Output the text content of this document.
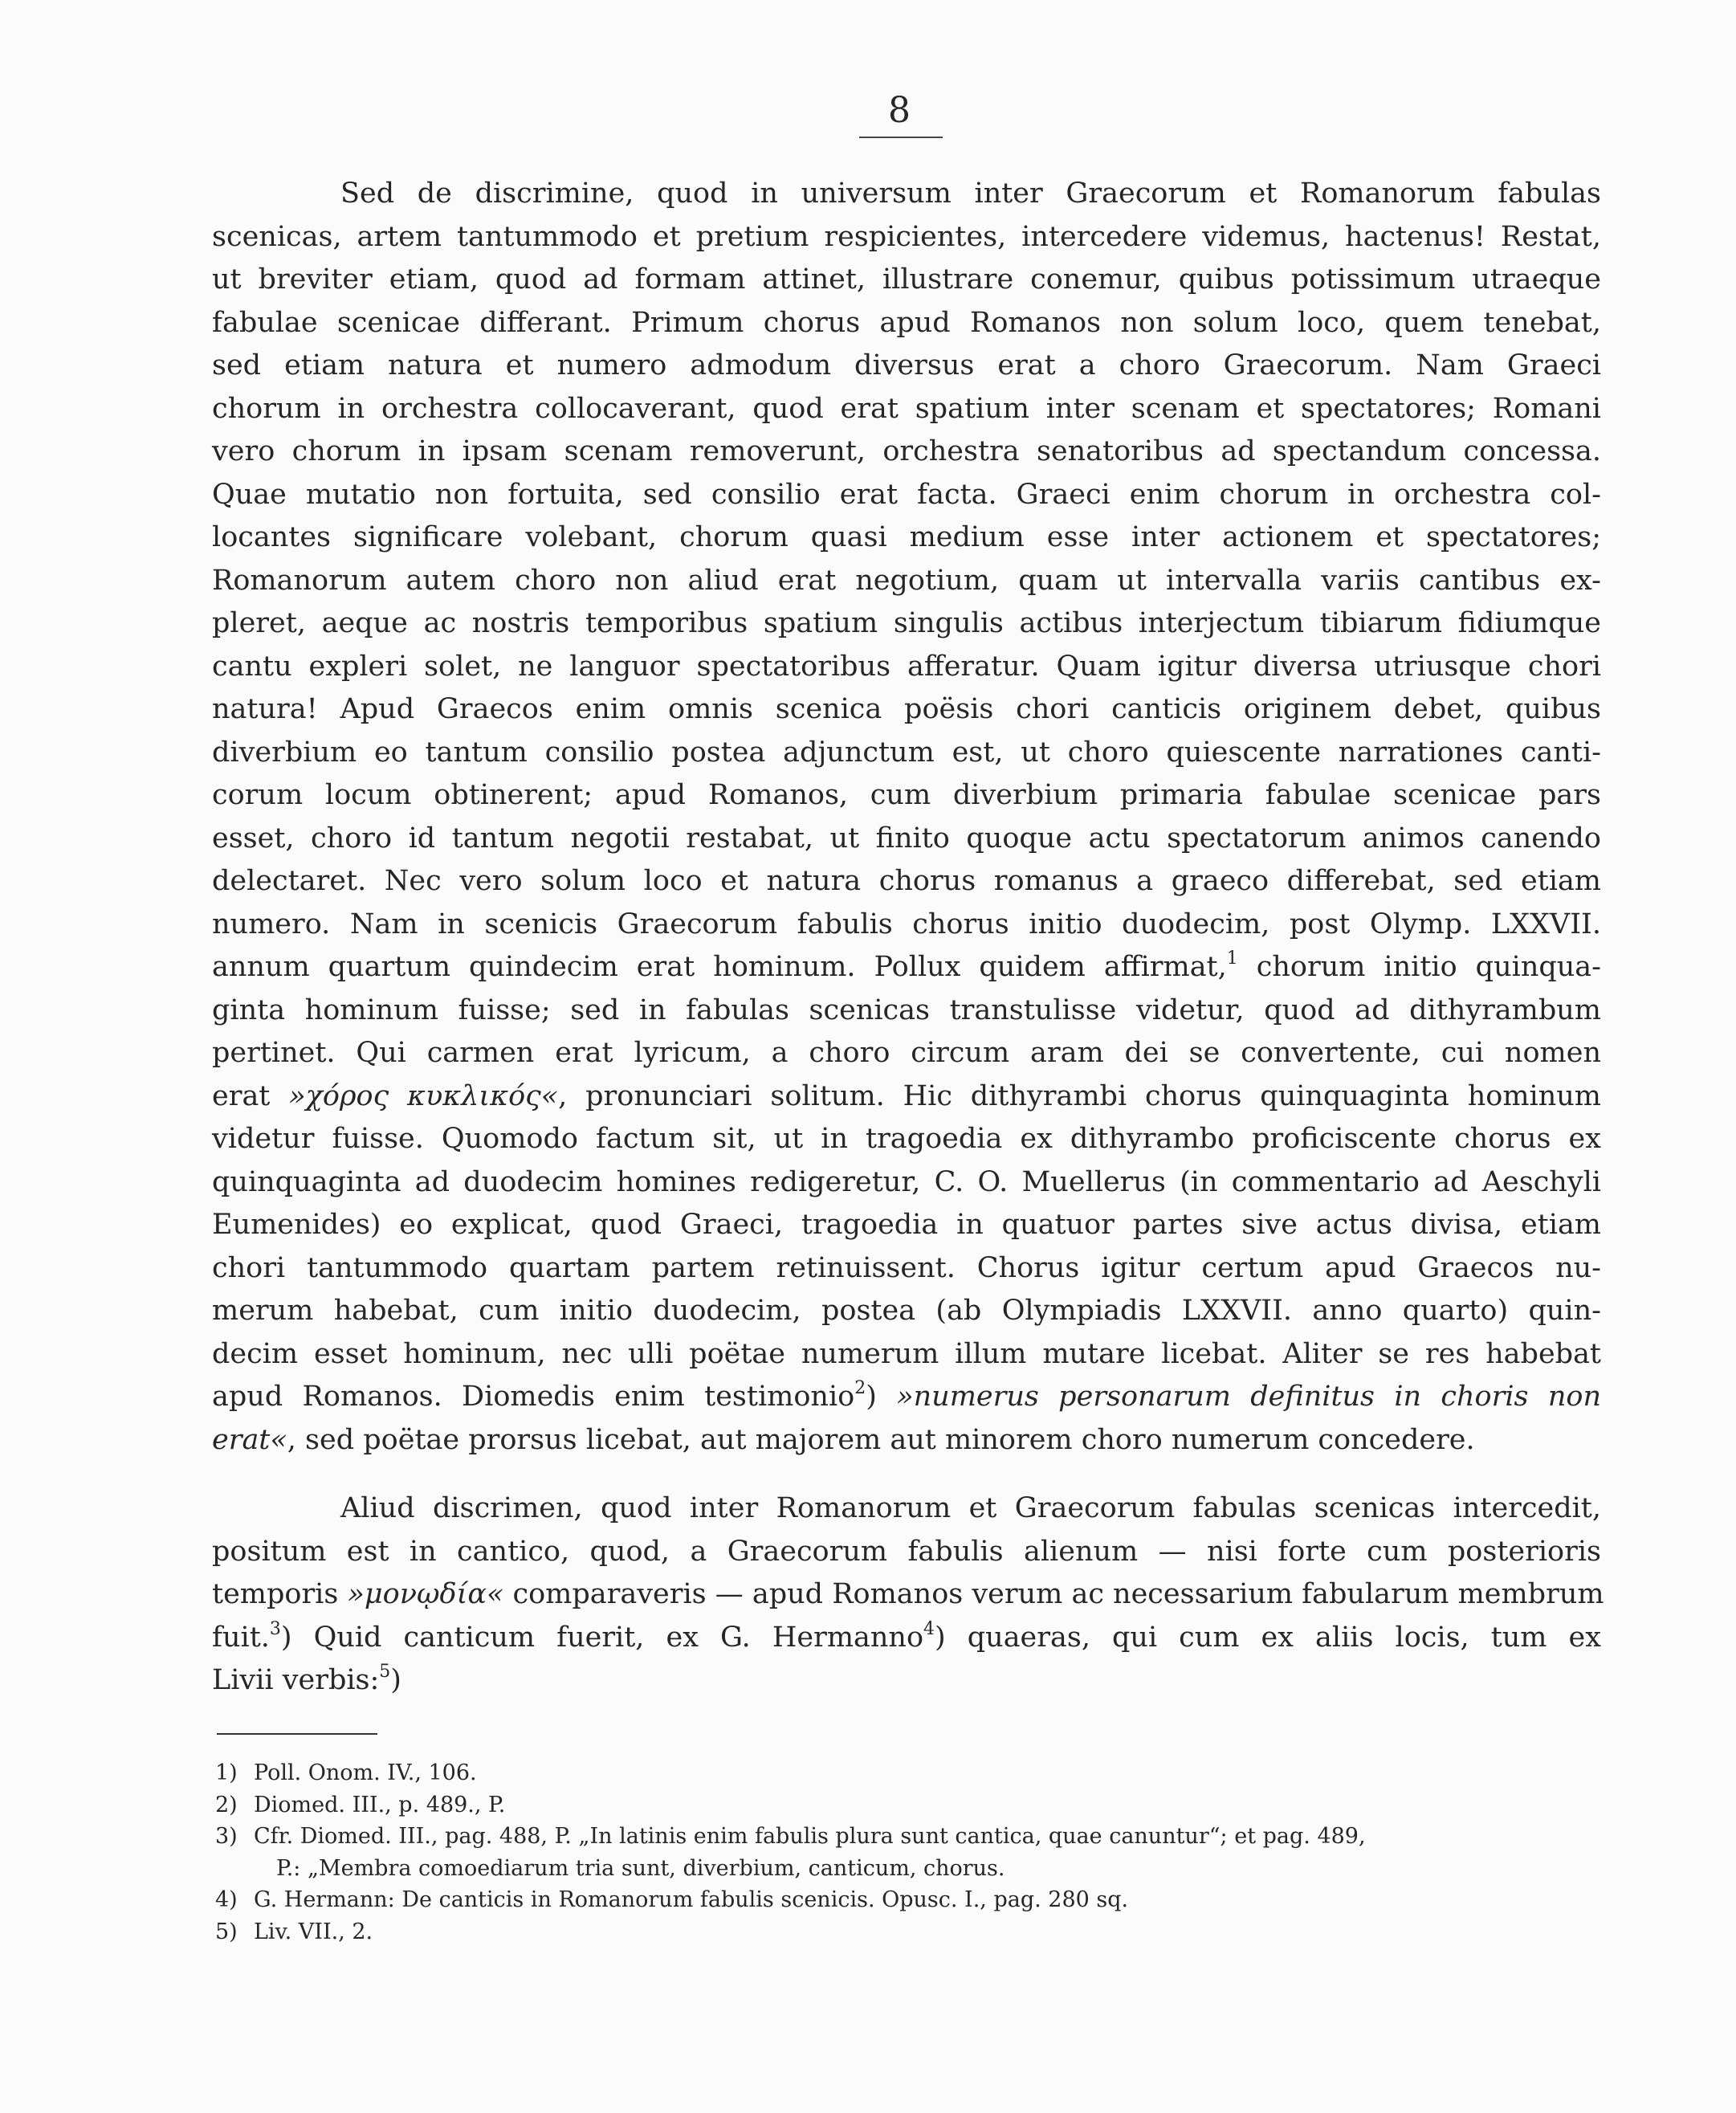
8
Sed de discrimine, quod in universum inter Graecorum et Romanorum fabulas
scenicas, artem tantummodo et pretium respicientes, intercedere videmus, hactenus! Restat,
ut breviter etiam, quod ad formam attinet, illustrare conemur, quibus potissimum utraeque
fabulae scenicae differant. Primum chorus apud Romanos non solum loco, quem tenebat,
sed etiam natura et numero admodum diversus erat a choro Graecorum. Nam Graeci
chorum in orchestra collocaverant, quod erat spatium inter scenam et spectatores; Romani
vero chorum in ipsam scenam removerunt, orchestra senatoribus ad spectandum concessa.
Quae mutatio non fortuita, sed consilio erat facta. Graeci enim chorum in orchestra col-
locantes significare volebant, chorum quasi medium esse inter actionem et spectatores;
Romanorum autem choro non aliud erat negotium, quam ut intervalla variis cantibus ex-
pleret, aeque ac nostris temporibus spatium singulis actibus interjectum tibiarum fidiumque
cantu expleri solet, ne languor spectatoribus afferatur. Quam igitur diversa utriusque chori
natura! Apud Graecos enim omnis scenica poësis chori canticis originem debet, quibus
diverbium eo tantum consilio postea adjunctum est, ut choro quiescente narrationes canti-
corum locum obtinerent; apud Romanos, cum diverbium primaria fabulae scenicae pars
esset, choro id tantum negotii restabat, ut finito quoque actu spectatorum animos canendo
delectaret. Nec vero solum loco et natura chorus romanus a graeco differebat, sed etiam
numero. Nam in scenicis Graecorum fabulis chorus initio duodecim, post Olymp. LXXVII.
annum quartum quindecim erat hominum. Pollux quidem affirmat,$^1$ chorum initio quinqua-
ginta hominum fuisse; sed in fabulas scenicas transtulisse videtur, quod ad dithyrambum
pertinet. Qui carmen erat lyricum, a choro circum aram dei se convertente, cui nomen
erat »χόρος κυκλικός«, pronunciari solitum. Hic dithyrambi chorus quinquaginta hominum
videtur fuisse. Quomodo factum sit, ut in tragoedia ex dithyrambo proficiscente chorus ex
quinquaginta ad duodecim homines redigeretur, C. O. Muellerus (in commentario ad Aeschyli
Eumenides) eo explicat, quod Graeci, tragoedia in quatuor partes sive actus divisa, etiam
chori tantummodo quartam partem retinuissent. Chorus igitur certum apud Graecos nu-
merum habebat, cum initio duodecim, postea (ab Olympiadis LXXVII. anno quarto) quin-
decim esset hominum, nec ulli poëtae numerum illum mutare licebat. Aliter se res habebat
apud Romanos. Diomedis enim testimonio$^2$) »numerus personarum definitus in choris non
erat«, sed poëtae prorsus licebat, aut majorem aut minorem choro numerum concedere.
Aliud discrimen, quod inter Romanorum et Graecorum fabulas scenicas intercedit,
positum est in cantico, quod, a Graecorum fabulis alienum — nisi forte cum posterioris
temporis »μονῳδία« comparaveris — apud Romanos verum ac necessarium fabularum membrum
fuit.$^3$) Quid canticum fuerit, ex G. Hermanno$^4$) quaeras, qui cum ex aliis locis, tum ex
Livii verbis:$^5$)
1) Poll. Onom. IV., 106.
2) Diomed. III., p. 489., P.
3) Cfr. Diomed. III., pag. 488, P. „In latinis enim fabulis plura sunt cantica, quae canuntur“; et pag. 489,
P.: „Membra comoediarum tria sunt, diverbium, canticum, chorus.
4) G. Hermann: De canticis in Romanorum fabulis scenicis. Opusc. I., pag. 280 sq.
5) Liv. VII., 2.
